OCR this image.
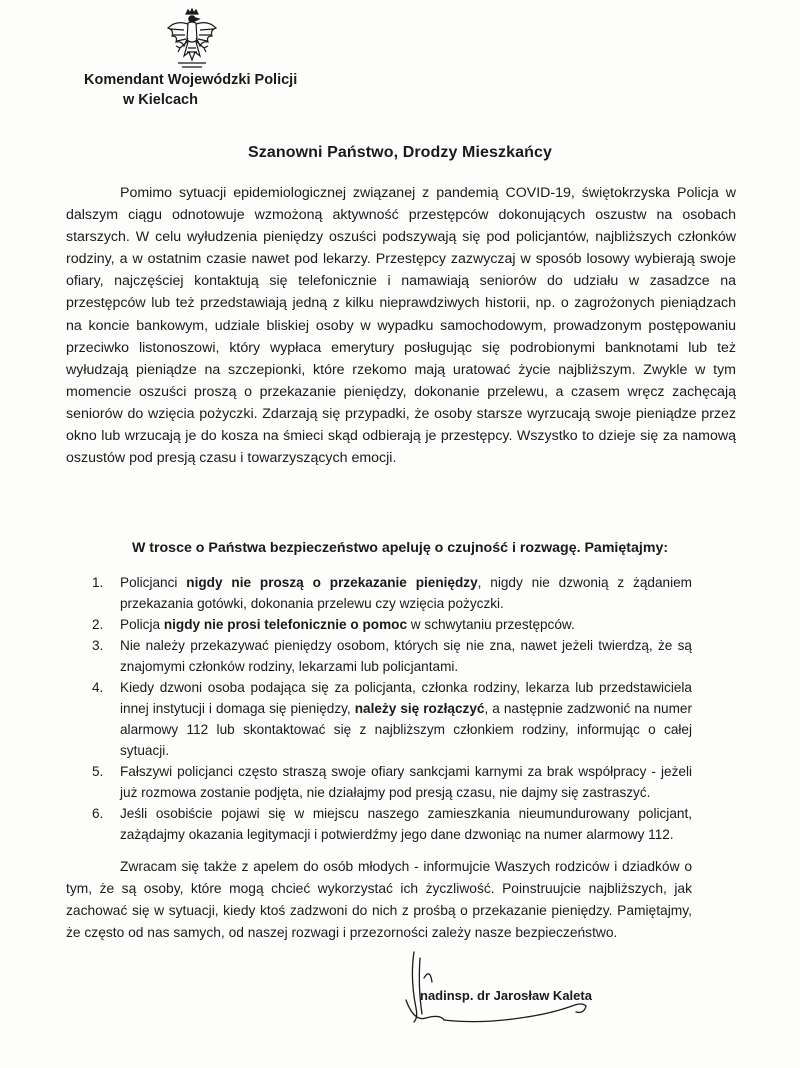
Komendant Wojewódzki Policji
w Kielcach
Szanowni Państwo, Drodzy Mieszkańcy

Pomimo sytuacji epidemiologicznej związanej z pandemią COVID-19, świętokrzyska Policja w dalszym ciągu odnotowuje wzmożoną aktywność przestępców dokonujących oszustw na osobach starszych. W celu wyłudzenia pieniędzy oszuści podszywają się pod policjantów, najbliższych członków rodziny, a w ostatnim czasie nawet pod lekarzy. Przestępcy zazwyczaj w sposób losowy wybierają swoje ofiary, najczęściej kontaktują się telefonicznie i namawiają seniorów do udziału w zasadzce na przestępców lub też przedstawiają jedną z kilku nieprawdziwych historii, np. o zagrożonych pieniądzach na koncie bankowym, udziale bliskiej osoby w wypadku samochodowym, prowadzonym postępowaniu przeciwko listonoszowi, który wypłaca emerytury posługując się podrobionymi banknotami lub też wyłudzają pieniądze na szczepionki, które rzekomo mają uratować życie najbliższym. Zwykle w tym momencie oszuści proszą o przekazanie pieniędzy, dokonanie przelewu, a czasem wręcz zachęcają seniorów do wzięcia pożyczki. Zdarzają się przypadki, że osoby starsze wyrzucają swoje pieniądze przez okno lub wrzucają je do kosza na śmieci skąd odbierają je przestępcy. Wszystko to dzieje się za namową oszustów pod presją czasu i towarzyszących emocji.

W trosce o Państwa bezpieczeństwo apeluję o czujność i rozwagę. Pamiętajmy:
1. Policjanci nigdy nie proszą o przekazanie pieniędzy, nigdy nie dzwonią z żądaniem przekazania gotówki, dokonania przelewu czy wzięcia pożyczki.
2. Policja nigdy nie prosi telefonicznie o pomoc w schwytaniu przestępców.
3. Nie należy przekazywać pieniędzy osobom, których się nie zna, nawet jeżeli twierdzą, że są znajomymi członków rodziny, lekarzami lub policjantami.
4. Kiedy dzwoni osoba podająca się za policjanta, członka rodziny, lekarza lub przedstawiciela innej instytucji i domaga się pieniędzy, należy się rozłączyć, a następnie zadzwonić na numer alarmowy 112 lub skontaktować się z najbliższym członkiem rodziny, informując o całej sytuacji.
5. Fałszywi policjanci często straszą swoje ofiary sankcjami karnymi za brak współpracy - jeżeli już rozmowa zostanie podjęta, nie działajmy pod presją czasu, nie dajmy się zastraszyć.
6. Jeśli osobiście pojawi się w miejscu naszego zamieszkania nieumundurowany policjant, zażądajmy okazania legitymacji i potwierdźmy jego dane dzwoniąc na numer alarmowy 112.

Zwracam się także z apelem do osób młodych - informujcie Waszych rodziców i dziadków o tym, że są osoby, które mogą chcieć wykorzystać ich życzliwość. Poinstruujcie najbliższych, jak zachować się w sytuacji, kiedy ktoś zadzwoni do nich z prośbą o przekazanie pieniędzy. Pamiętajmy, że często od nas samych, od naszej rozwagi i przezorności zależy nasze bezpieczeństwo.

nadinsp. dr Jarosław Kaleta
